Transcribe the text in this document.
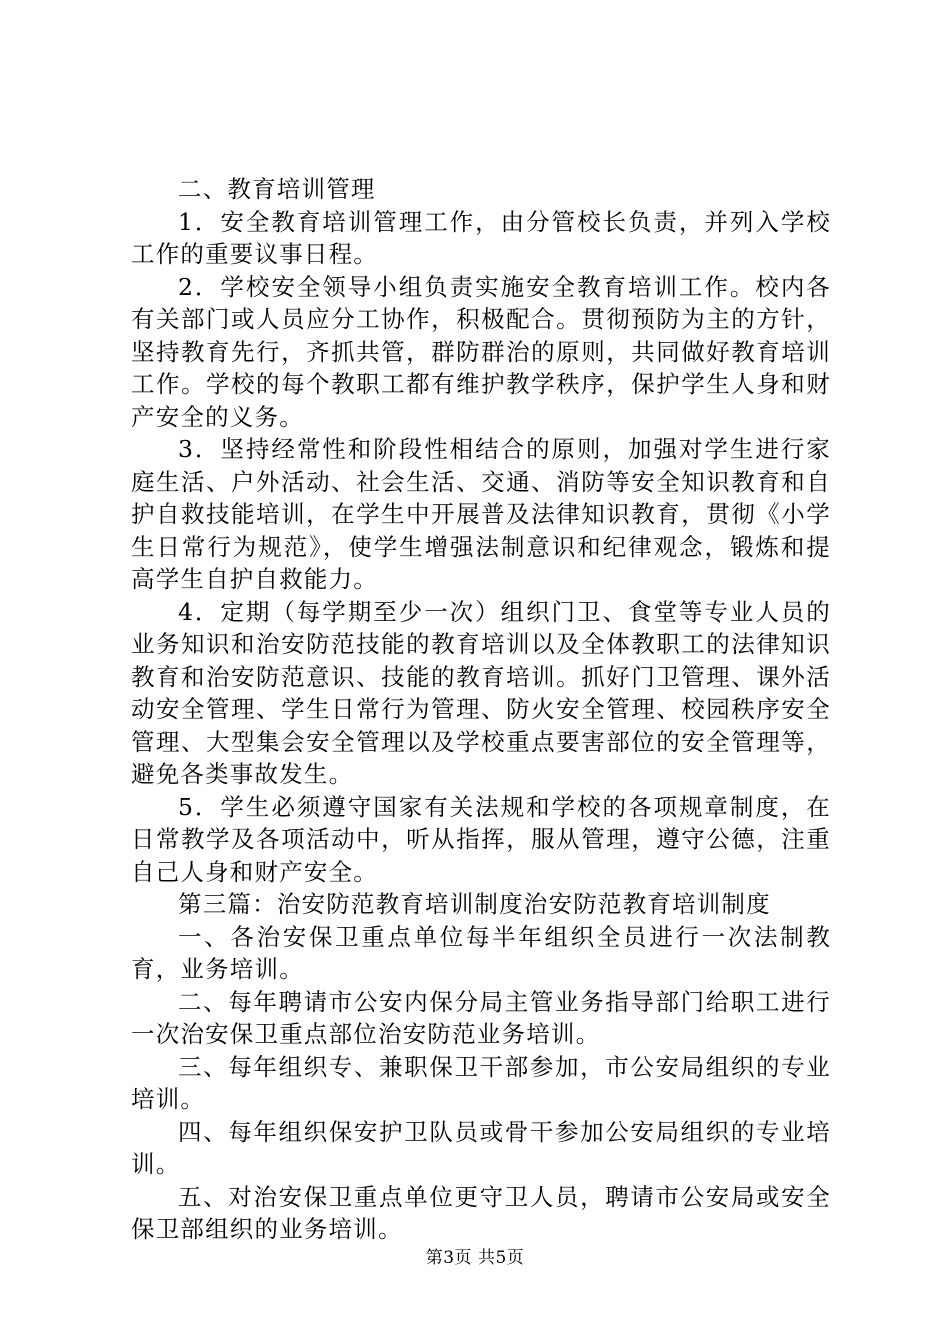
二、教育培训管理

1．安全教育培训管理工作，由分管校长负责，并列入学校工作的重要议事日程。

2．学校安全领导小组负责实施安全教育培训工作。校内各有关部门或人员应分工协作，积极配合。贯彻预防为主的方针，坚持教育先行，齐抓共管，群防群治的原则，共同做好教育培训工作。学校的每个教职工都有维护教学秩序，保护学生人身和财产安全的义务。

3．坚持经常性和阶段性相结合的原则，加强对学生进行家庭生活、户外活动、社会生活、交通、消防等安全知识教育和自护自救技能培训，在学生中开展普及法律知识教育，贯彻《小学生日常行为规范》，使学生增强法制意识和纪律观念，锻炼和提高学生自护自救能力。

4．定期（每学期至少一次）组织门卫、食堂等专业人员的业务知识和治安防范技能的教育培训以及全体教职工的法律知识教育和治安防范意识、技能的教育培训。抓好门卫管理、课外活动安全管理、学生日常行为管理、防火安全管理、校园秩序安全管理、大型集会安全管理以及学校重点要害部位的安全管理等，避免各类事故发生。

5．学生必须遵守国家有关法规和学校的各项规章制度，在日常教学及各项活动中，听从指挥，服从管理，遵守公德，注重自己人身和财产安全。

第三篇：治安防范教育培训制度治安防范教育培训制度

一、各治安保卫重点单位每半年组织全员进行一次法制教育，业务培训。

二、每年聘请市公安内保分局主管业务指导部门给职工进行一次治安保卫重点部位治安防范业务培训。

三、每年组织专、兼职保卫干部参加，市公安局组织的专业培训。

四、每年组织保安护卫队员或骨干参加公安局组织的专业培训。

五、对治安保卫重点单位更守卫人员，聘请市公安局或安全保卫部组织的业务培训。

第3页 共5页
